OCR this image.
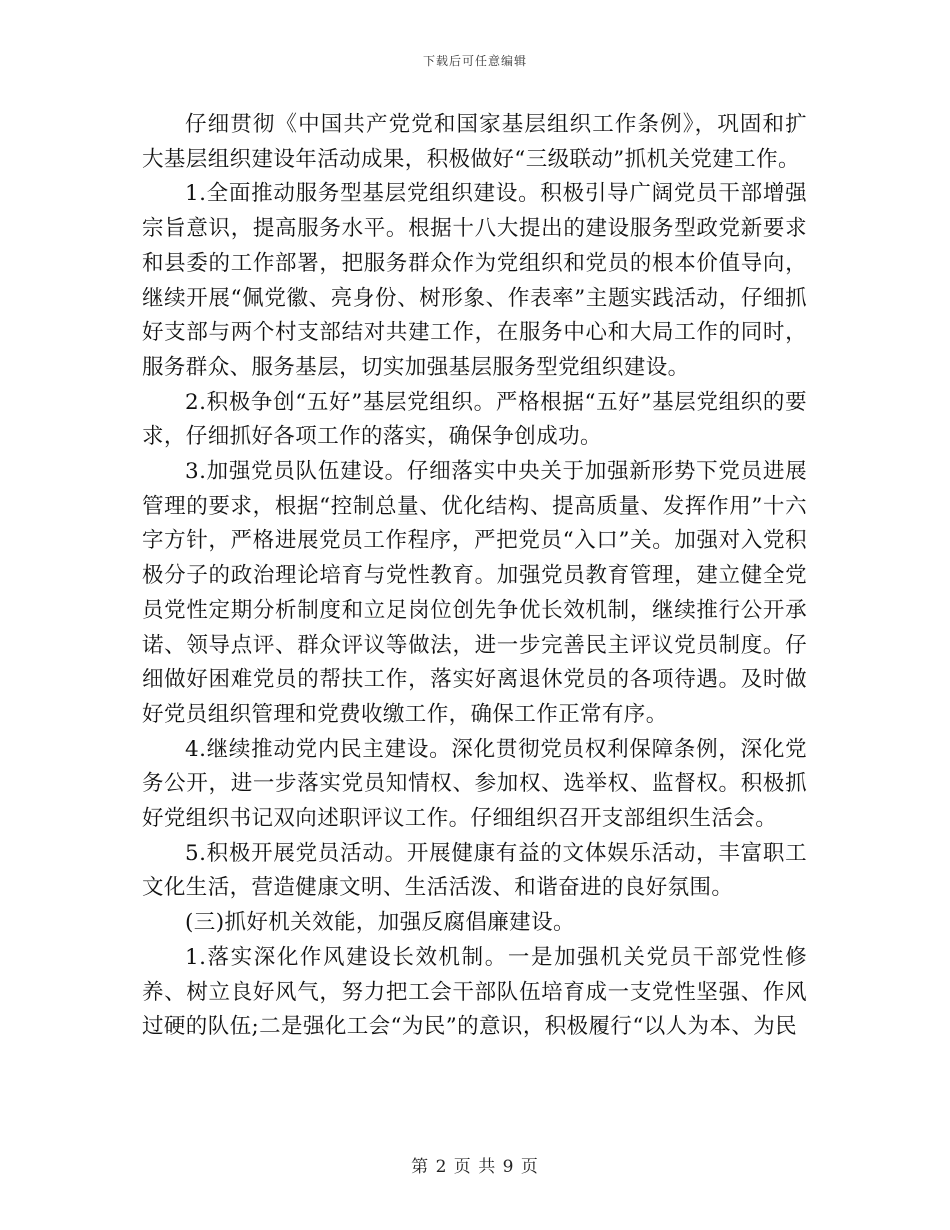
下载后可任意编辑

仔细贯彻《中国共产党党和国家基层组织工作条例》，巩固和扩大基层组织建设年活动成果，积极做好“三级联动”抓机关党建工作。

1.全面推动服务型基层党组织建设。积极引导广阔党员干部增强宗旨意识，提高服务水平。根据十八大提出的建设服务型政党新要求和县委的工作部署，把服务群众作为党组织和党员的根本价值导向，继续开展“佩党徽、亮身份、树形象、作表率”主题实践活动，仔细抓好支部与两个村支部结对共建工作，在服务中心和大局工作的同时，服务群众、服务基层，切实加强基层服务型党组织建设。

2.积极争创“五好”基层党组织。严格根据“五好”基层党组织的要求，仔细抓好各项工作的落实，确保争创成功。

3.加强党员队伍建设。仔细落实中央关于加强新形势下党员进展管理的要求，根据“控制总量、优化结构、提高质量、发挥作用”十六字方针，严格进展党员工作程序，严把党员“入口”关。加强对入党积极分子的政治理论培育与党性教育。加强党员教育管理，建立健全党员党性定期分析制度和立足岗位创先争优长效机制，继续推行公开承诺、领导点评、群众评议等做法，进一步完善民主评议党员制度。仔细做好困难党员的帮扶工作，落实好离退休党员的各项待遇。及时做好党员组织管理和党费收缴工作，确保工作正常有序。

4.继续推动党内民主建设。深化贯彻党员权利保障条例，深化党务公开，进一步落实党员知情权、参加权、选举权、监督权。积极抓好党组织书记双向述职评议工作。仔细组织召开支部组织生活会。

5.积极开展党员活动。开展健康有益的文体娱乐活动，丰富职工文化生活，营造健康文明、生活活泼、和谐奋进的良好氛围。

(三)抓好机关效能，加强反腐倡廉建设。

1.落实深化作风建设长效机制。一是加强机关党员干部党性修养、树立良好风气，努力把工会干部队伍培育成一支党性坚强、作风过硬的队伍;二是强化工会“为民”的意识，积极履行“以人为本、为民

第 2 页 共 9 页
